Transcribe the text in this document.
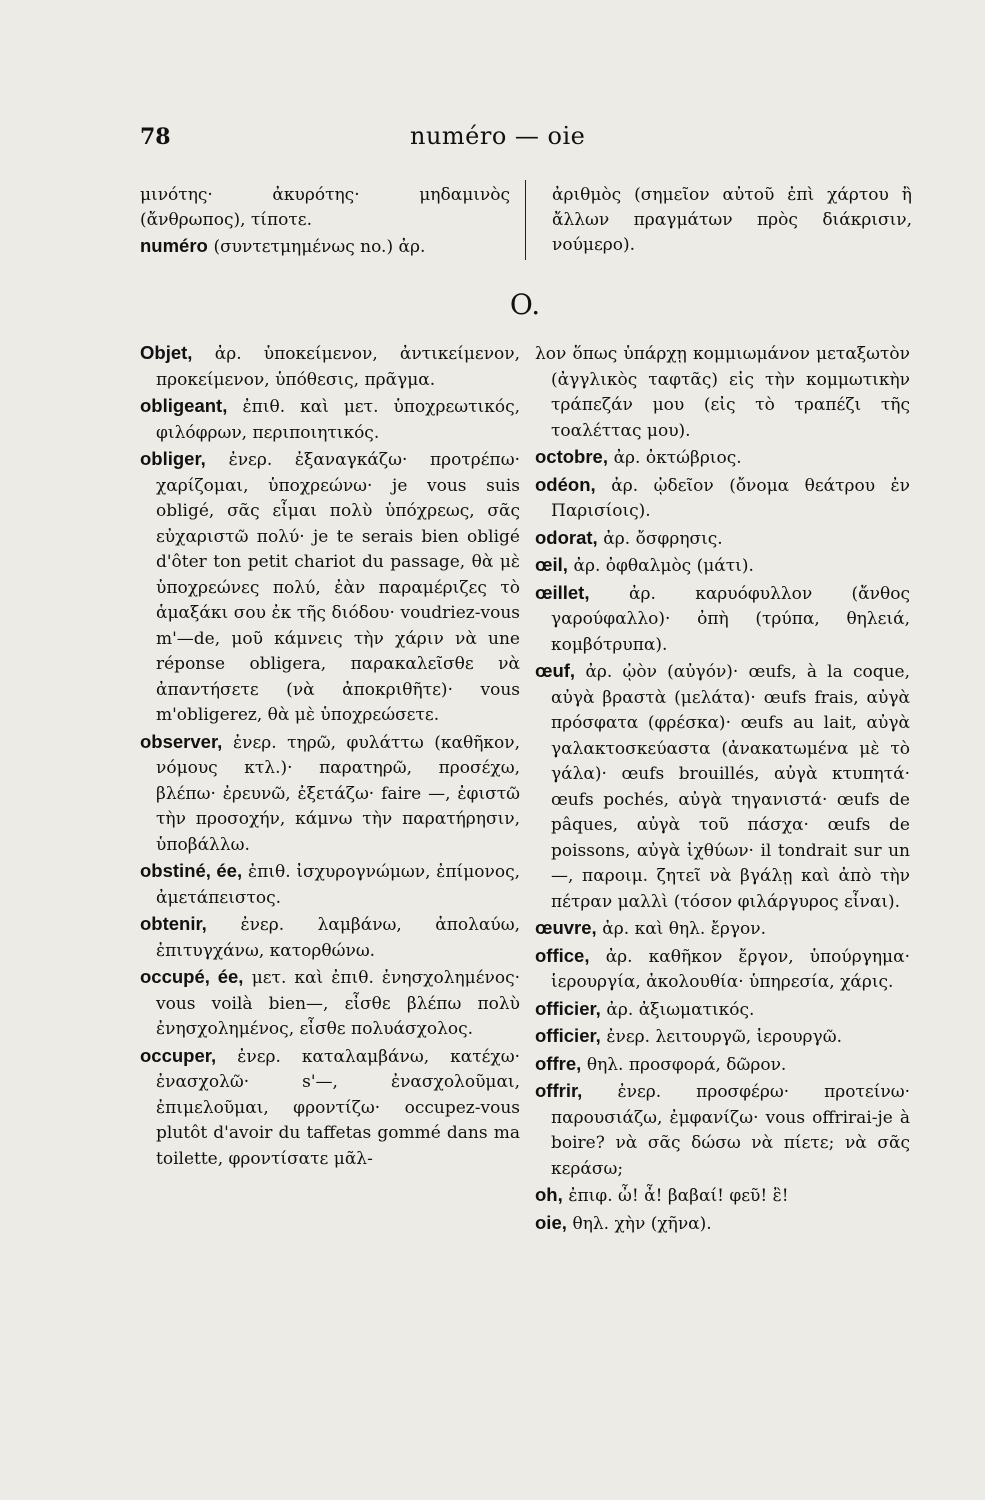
78	numéro — oie
μινότης· ἀκυρότης· μηδαμινὸς (ἄνθρωπος), τίποτε.
numéro (συντετμημένως no.) ἀρ.
ἀριθμὸς (σημεῖον αὐτοῦ ἐπὶ χάρτου ἢ ἄλλων πραγμάτων πρὸς διάκρισιν, νούμερο).
O.
Objet, ἀρ. ὑποκείμενον, ἀντικείμενον, προκείμενον, ὑπόθεσις, πρᾶγμα.
obligeant, ἐπιθ. καὶ μετ. ὑποχρεωτικός, φιλόφρων, περιποιητικός.
obliger, ἐνερ. ἐξαναγκάζω· προτρέπω· χαρίζομαι, ὑποχρεώνω· je vous suis obligé, σᾶς εἶμαι πολὺ ὑπόχρεως, σᾶς εὐχαριστῶ πολύ· je te serais bien obligé d'ôter ton petit chariot du passage, θὰ μὲ ὑποχρεώνες πολύ, ἐὰν παραμέριζες τὸ ἁμαξάκι σου ἐκ τῆς διόδου· voudriez-vous m'—de, μοῦ κάμνεις τὴν χάριν νὰ une réponse obligera, παρακαλεῖσθε νὰ ἀπαντήσετε (νὰ ἀποκριθῆτε)· vous m'obligerez, θὰ μὲ ὑποχρεώσετε.
observer, ἐνερ. τηρῶ, φυλάττω (καθῆκον, νόμους κτλ.)· παρατηρῶ, προσέχω, βλέπω· ἐρευνῶ, ἐξετάζω· faire —, ἐφιστῶ τὴν προσοχήν, κάμνω τὴν παρατήρησιν, ὑποβάλλω.
obstiné, ée, ἐπιθ. ἰσχυρογνώμων, ἐπίμονος, ἀμετάπειστος.
obtenir, ἐνερ. λαμβάνω, ἀπολαύω, ἐπιτυγχάνω, κατορθώνω.
occupé, ée, μετ. καὶ ἐπιθ. ἐνησχολημένος· vous voilà bien—, εἶσθε βλέπω πολὺ ἐνησχολημένος, εἶσθε πολυάσχολος.
occuper, ἐνερ. καταλαμβάνω, κατέχω· ἐνασχολῶ· s'—, ἐνασχολοῦμαι, ἐπιμελοῦμαι, φροντίζω· occupez-vous plutôt d'avoir du taffetas gommé dans ma toilette, φροντίσατε μᾶλ-
λον ὅπως ὑπάρχῃ κομμιωμάνον μεταξωτὸν (ἀγγλικὸς ταφτᾶς) εἰς τὴν κομμωτικὴν τράπεζάν μου (εἰς τὸ τραπέζι τῆς τοαλέττας μου).
octobre, ἀρ. ὀκτώβριος.
odéon, ἀρ. ᾠδεῖον (ὄνομα θεάτρου ἐν Παρισίοις).
odorat, ἀρ. ὄσφρησις.
œil, ἀρ. ὀφθαλμὸς (μάτι).
œillet, ἀρ. καρυόφυλλον (ἄνθος γαρούφαλλο)· ὀπὴ (τρύπα, θηλειά, κομβότρυπα).
œuf, ἀρ. ᾠὸν (αὐγόν)· œufs, à la coque, αὐγὰ βραστὰ (μελάτα)· œufs frais, αὐγὰ πρόσφατα (φρέσκα)· œufs au lait, αὐγὰ γαλακτοσκεύαστα (ἀνακατωμένα μὲ τὸ γάλα)· œufs brouillés, αὐγὰ κτυπητά· œufs pochés, αὐγὰ τηγανιστά· œufs de pâques, αὐγὰ τοῦ πάσχα· œufs de poissons, αὐγὰ ἰχθύων· il tondrait sur un—, παροιμ. ζητεῖ νὰ βγάλῃ καὶ ἀπὸ τὴν πέτραν μαλλὶ (τόσον φιλάργυρος εἶναι).
œuvre, ἀρ. καὶ θηλ. ἔργον.
office, ἀρ. καθῆκον ἔργον, ὑπούργημα· ἱερουργία, ἀκολουθία· ὑπηρεσία, χάρις.
officier, ἀρ. ἀξιωματικός.
officier, ἐνερ. λειτουργῶ, ἱερουργῶ.
offre, θηλ. προσφορά, δῶρον.
offrir, ἐνερ. προσφέρω· προτείνω· παρουσιάζω, ἐμφανίζω· vous offrirai-je à boire? νὰ σᾶς δώσω νὰ πίετε; νὰ σᾶς κεράσω;
oh, ἐπιφ. ὦ! ἆ! βαβαί! φεῦ! ἒ!
oie, θηλ. χὴν (χῆνα).
